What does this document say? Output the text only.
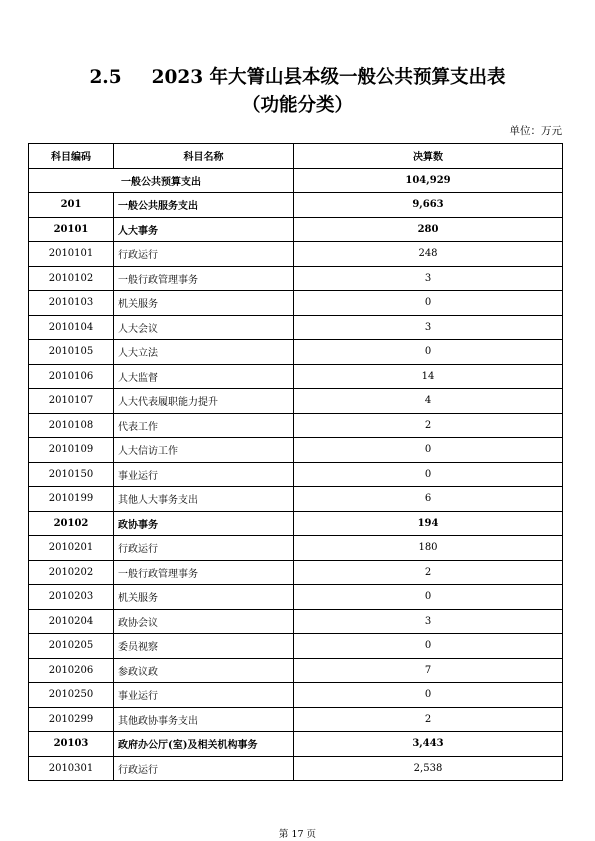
2.5 2023 年大箐山县本级一般公共预算支出表
（功能分类）
单位：万元
科目编码	科目名称	决算数
一般公共预算支出		104,929
201	一般公共服务支出	9,663
20101	人大事务	280
2010101	行政运行	248
2010102	一般行政管理事务	3
2010103	机关服务	0
2010104	人大会议	3
2010105	人大立法	0
2010106	人大监督	14
2010107	人大代表履职能力提升	4
2010108	代表工作	2
2010109	人大信访工作	0
2010150	事业运行	0
2010199	其他人大事务支出	6
20102	政协事务	194
2010201	行政运行	180
2010202	一般行政管理事务	2
2010203	机关服务	0
2010204	政协会议	3
2010205	委员视察	0
2010206	参政议政	7
2010250	事业运行	0
2010299	其他政协事务支出	2
20103	政府办公厅(室)及相关机构事务	3,443
2010301	行政运行	2,538
第 17 页
